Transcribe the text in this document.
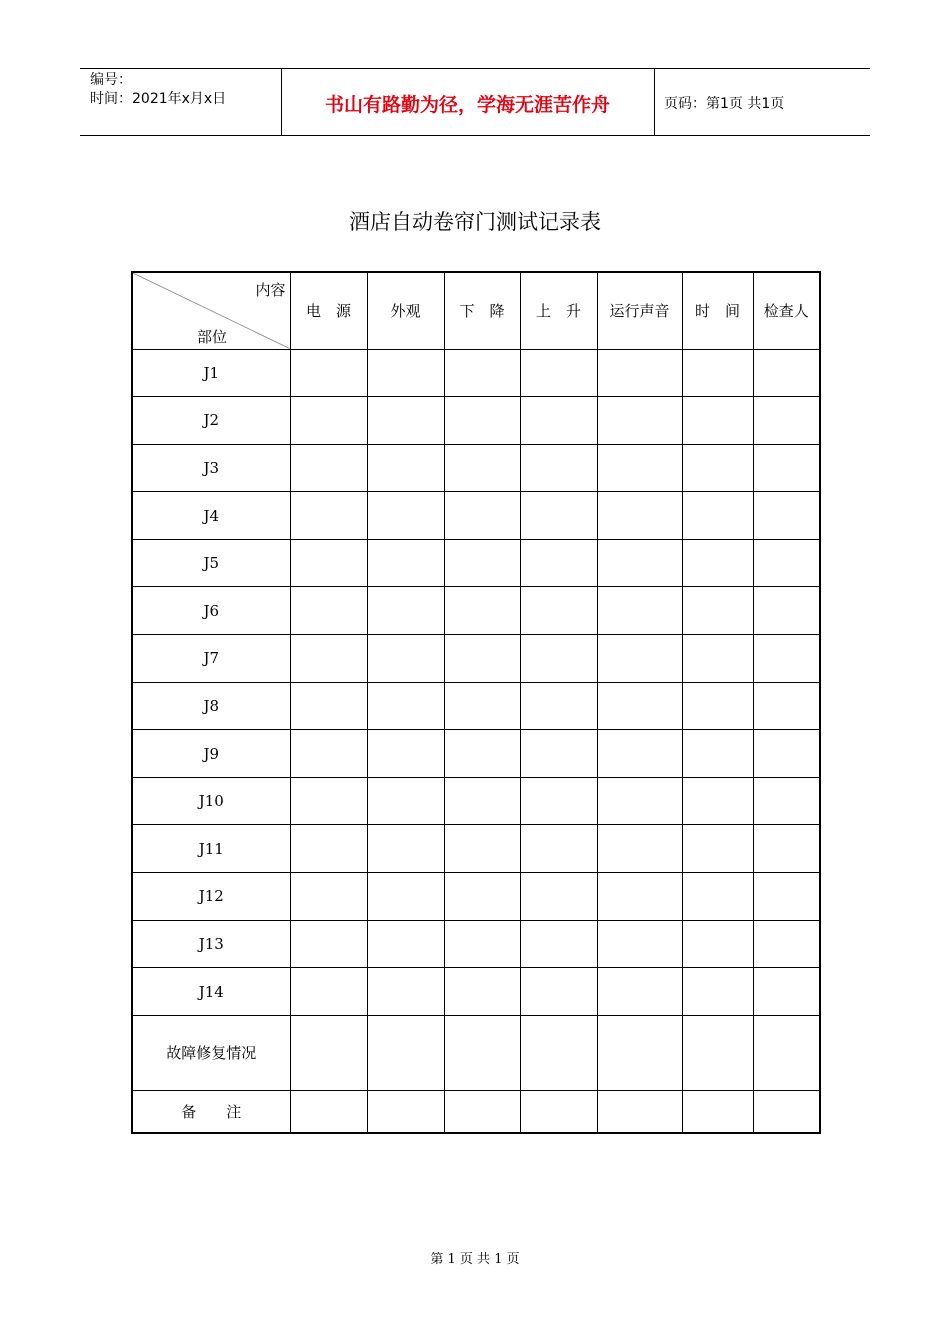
编号：
时间：2021年x月x日	书山有路勤为径，学海无涯苦作舟	页码：第1页 共1页
酒店自动卷帘门测试记录表
内容
部位	电　源	外观	下　降	上　升	运行声音	时　间	检查人
J1							
J2							
J3							
J4							
J5							
J6							
J7							
J8							
J9							
J10							
J11							
J12							
J13							
J14							
故障修复情况							
备　　注							
第 1 页 共 1 页
